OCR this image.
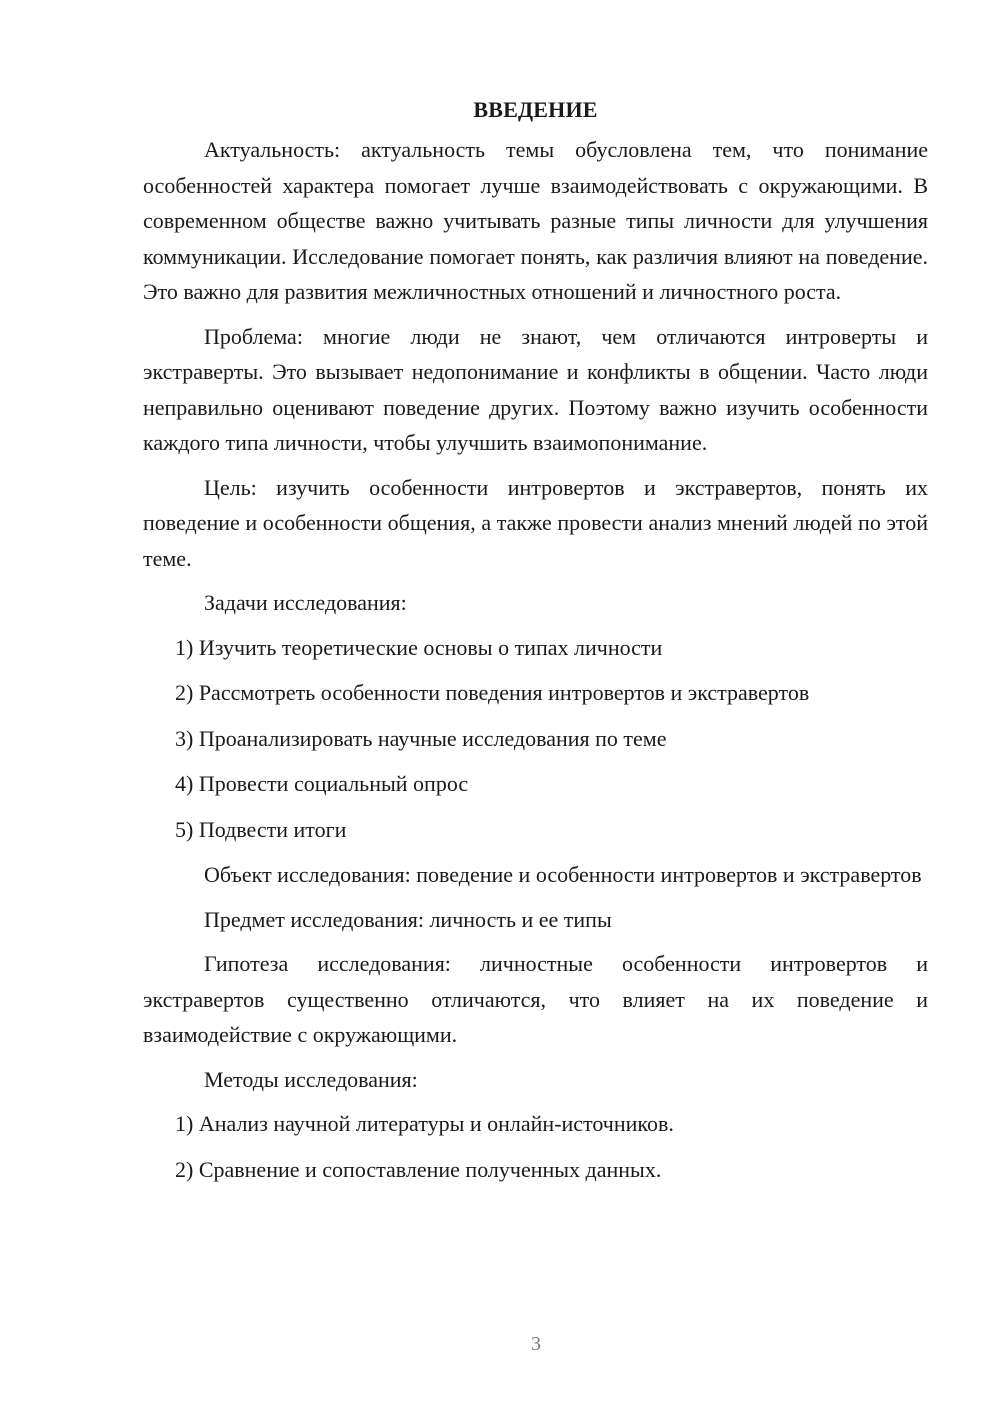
ВВЕДЕНИЕ

Актуальность: актуальность темы обусловлена тем, что понимание особенностей характера помогает лучше взаимодействовать с окружающими. В современном обществе важно учитывать разные типы личности для улучшения коммуникации. Исследование помогает понять, как различия влияют на поведение. Это важно для развития межличностных отношений и личностного роста.

Проблема: многие люди не знают, чем отличаются интроверты и экстраверты. Это вызывает недопонимание и конфликты в общении. Часто люди неправильно оценивают поведение других. Поэтому важно изучить особенности каждого типа личности, чтобы улучшить взаимопонимание.

Цель: изучить особенности интровертов и экстравертов, понять их поведение и особенности общения, а также провести анализ мнений людей по этой теме.

Задачи исследования:
1) Изучить теоретические основы о типах личности
2) Рассмотреть особенности поведения интровертов и экстравертов
3) Проанализировать научные исследования по теме
4) Провести социальный опрос
5) Подвести итоги

Объект исследования: поведение и особенности интровертов и экстравертов

Предмет исследования: личность и ее типы

Гипотеза исследования: личностные особенности интровертов и экстравертов существенно отличаются, что влияет на их поведение и взаимодействие с окружающими.

Методы исследования:
1) Анализ научной литературы и онлайн-источников.
2) Сравнение и сопоставление полученных данных.
3
